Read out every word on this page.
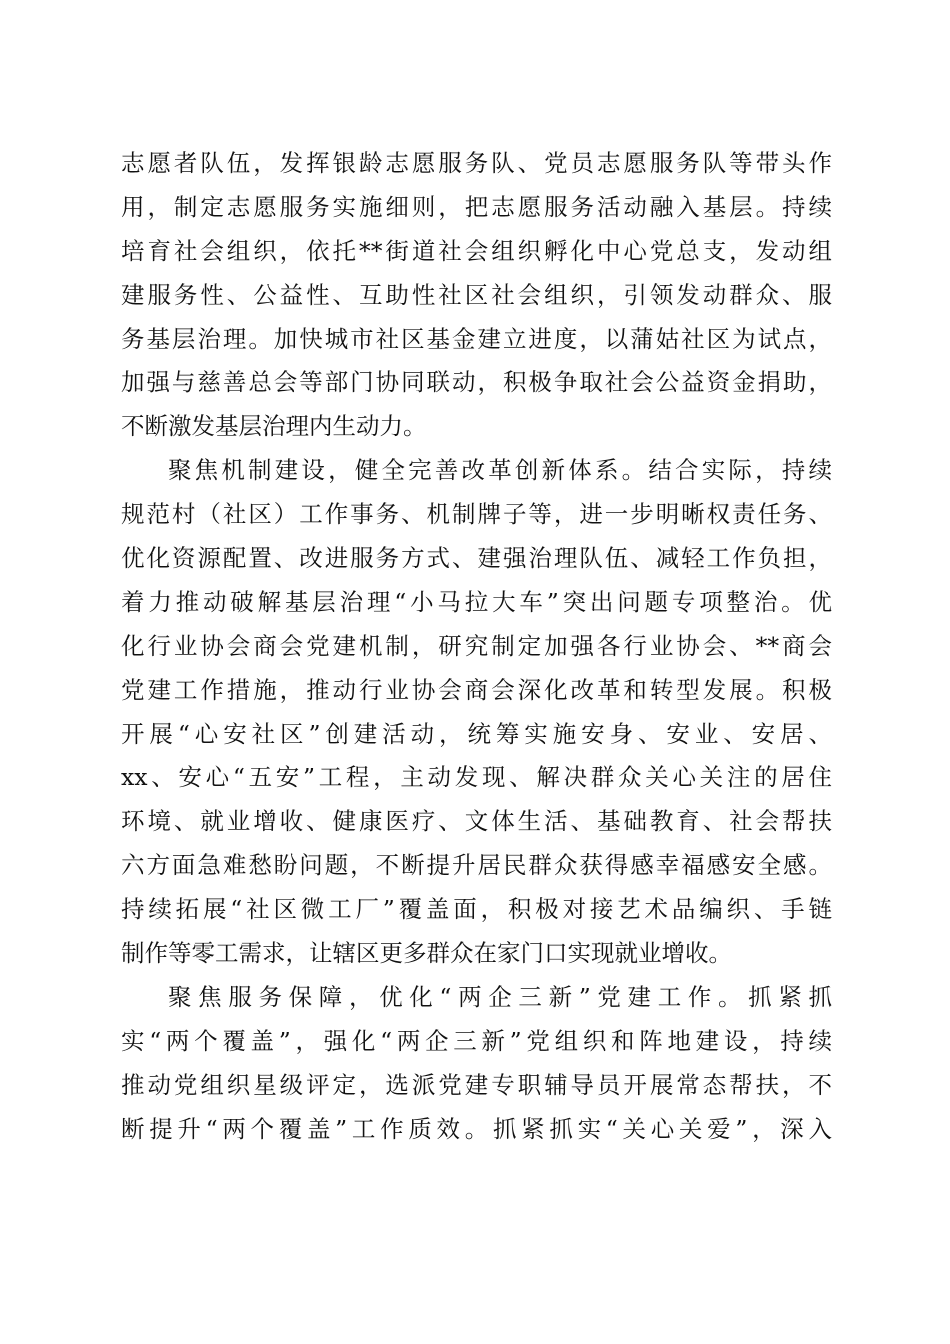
志愿者队伍，发挥银龄志愿服务队、党员志愿服务队等带头作
用，制定志愿服务实施细则，把志愿服务活动融入基层。持续
培育社会组织，依托**街道社会组织孵化中心党总支，发动组
建服务性、公益性、互助性社区社会组织，引领发动群众、服
务基层治理。加快城市社区基金建立进度，以蒲姑社区为试点，
加强与慈善总会等部门协同联动，积极争取社会公益资金捐助，
不断激发基层治理内生动力。
聚焦机制建设，健全完善改革创新体系。结合实际，持续
规范村（社区）工作事务、机制牌子等，进一步明晰权责任务、
优化资源配置、改进服务方式、建强治理队伍、减轻工作负担，
着力推动破解基层治理“小马拉大车”突出问题专项整治。优
化行业协会商会党建机制，研究制定加强各行业协会、**商会
党建工作措施，推动行业协会商会深化改革和转型发展。积极
开展“心安社区”创建活动，统筹实施安身、安业、安居、
xx、安心“五安”工程，主动发现、解决群众关心关注的居住
环境、就业增收、健康医疗、文体生活、基础教育、社会帮扶
六方面急难愁盼问题，不断提升居民群众获得感幸福感安全感。
持续拓展“社区微工厂”覆盖面，积极对接艺术品编织、手链
制作等零工需求，让辖区更多群众在家门口实现就业增收。
聚焦服务保障，优化“两企三新”党建工作。抓紧抓
实“两个覆盖”，强化“两企三新”党组织和阵地建设，持续
推动党组织星级评定，选派党建专职辅导员开展常态帮扶，不
断提升“两个覆盖”工作质效。抓紧抓实“关心关爱”，深入
